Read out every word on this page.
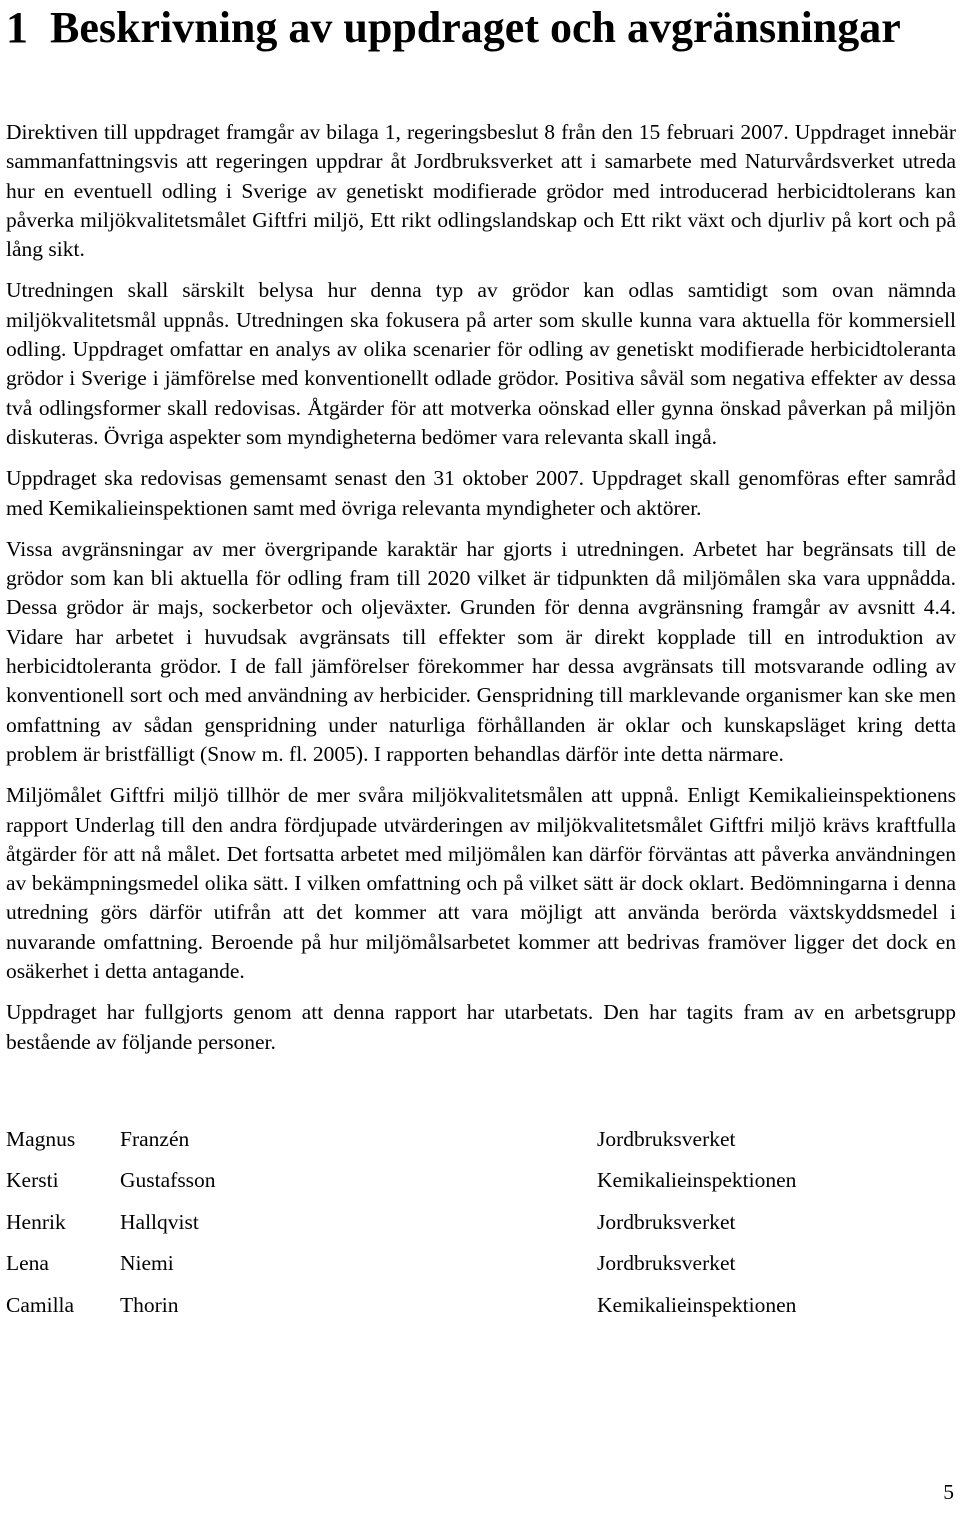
1 Beskrivning av uppdraget och avgränsningar

Direktiven till uppdraget framgår av bilaga 1, regeringsbeslut 8 från den 15 februari 2007. Uppdraget innebär sammanfattningsvis att regeringen uppdrar åt Jordbruksverket att i samarbete med Naturvårdsverket utreda hur en eventuell odling i Sverige av genetiskt modifierade grödor med introducerad herbicidtolerans kan påverka miljökvalitetsmålet Giftfri miljö, Ett rikt odlingslandskap och Ett rikt växt och djurliv på kort och på lång sikt.

Utredningen skall särskilt belysa hur denna typ av grödor kan odlas samtidigt som ovan nämnda miljökvalitetsmål uppnås. Utredningen ska fokusera på arter som skulle kunna vara aktuella för kommersiell odling. Uppdraget omfattar en analys av olika scenarier för odling av genetiskt modifierade herbicidtoleranta grödor i Sverige i jämförelse med konventionellt odlade grödor. Positiva såväl som negativa effekter av dessa två odlingsformer skall redovisas. Åtgärder för att motverka oönskad eller gynna önskad påverkan på miljön diskuteras. Övriga aspekter som myndigheterna bedömer vara relevanta skall ingå.

Uppdraget ska redovisas gemensamt senast den 31 oktober 2007. Uppdraget skall genomföras efter samråd med Kemikalieinspektionen samt med övriga relevanta myndigheter och aktörer.

Vissa avgränsningar av mer övergripande karaktär har gjorts i utredningen. Arbetet har begränsats till de grödor som kan bli aktuella för odling fram till 2020 vilket är tidpunkten då miljömålen ska vara uppnådda. Dessa grödor är majs, sockerbetor och oljeväxter. Grunden för denna avgränsning framgår av avsnitt 4.4. Vidare har arbetet i huvudsak avgränsats till effekter som är direkt kopplade till en introduktion av herbicidtoleranta grödor. I de fall jämförelser förekommer har dessa avgränsats till motsvarande odling av konventionell sort och med användning av herbicider. Genspridning till marklevande organismer kan ske men omfattning av sådan genspridning under naturliga förhållanden är oklar och kunskapsläget kring detta problem är bristfälligt (Snow m. fl. 2005). I rapporten behandlas därför inte detta närmare.

Miljömålet Giftfri miljö tillhör de mer svåra miljökvalitetsmålen att uppnå. Enligt Kemikalieinspektionens rapport Underlag till den andra fördjupade utvärderingen av miljökvalitetsmålet Giftfri miljö krävs kraftfulla åtgärder för att nå målet. Det fortsatta arbetet med miljömålen kan därför förväntas att påverka användningen av bekämpningsmedel olika sätt. I vilken omfattning och på vilket sätt är dock oklart. Bedömningarna i denna utredning görs därför utifrån att det kommer att vara möjligt att använda berörda växtskyddsmedel i nuvarande omfattning. Beroende på hur miljömålsarbetet kommer att bedrivas framöver ligger det dock en osäkerhet i detta antagande.

Uppdraget har fullgjorts genom att denna rapport har utarbetats. Den har tagits fram av en arbetsgrupp bestående av följande personer.

Magnus	Franzén	Jordbruksverket
Kersti	Gustafsson	Kemikalieinspektionen
Henrik	Hallqvist	Jordbruksverket
Lena	Niemi	Jordbruksverket
Camilla	Thorin	Kemikalieinspektionen
5
